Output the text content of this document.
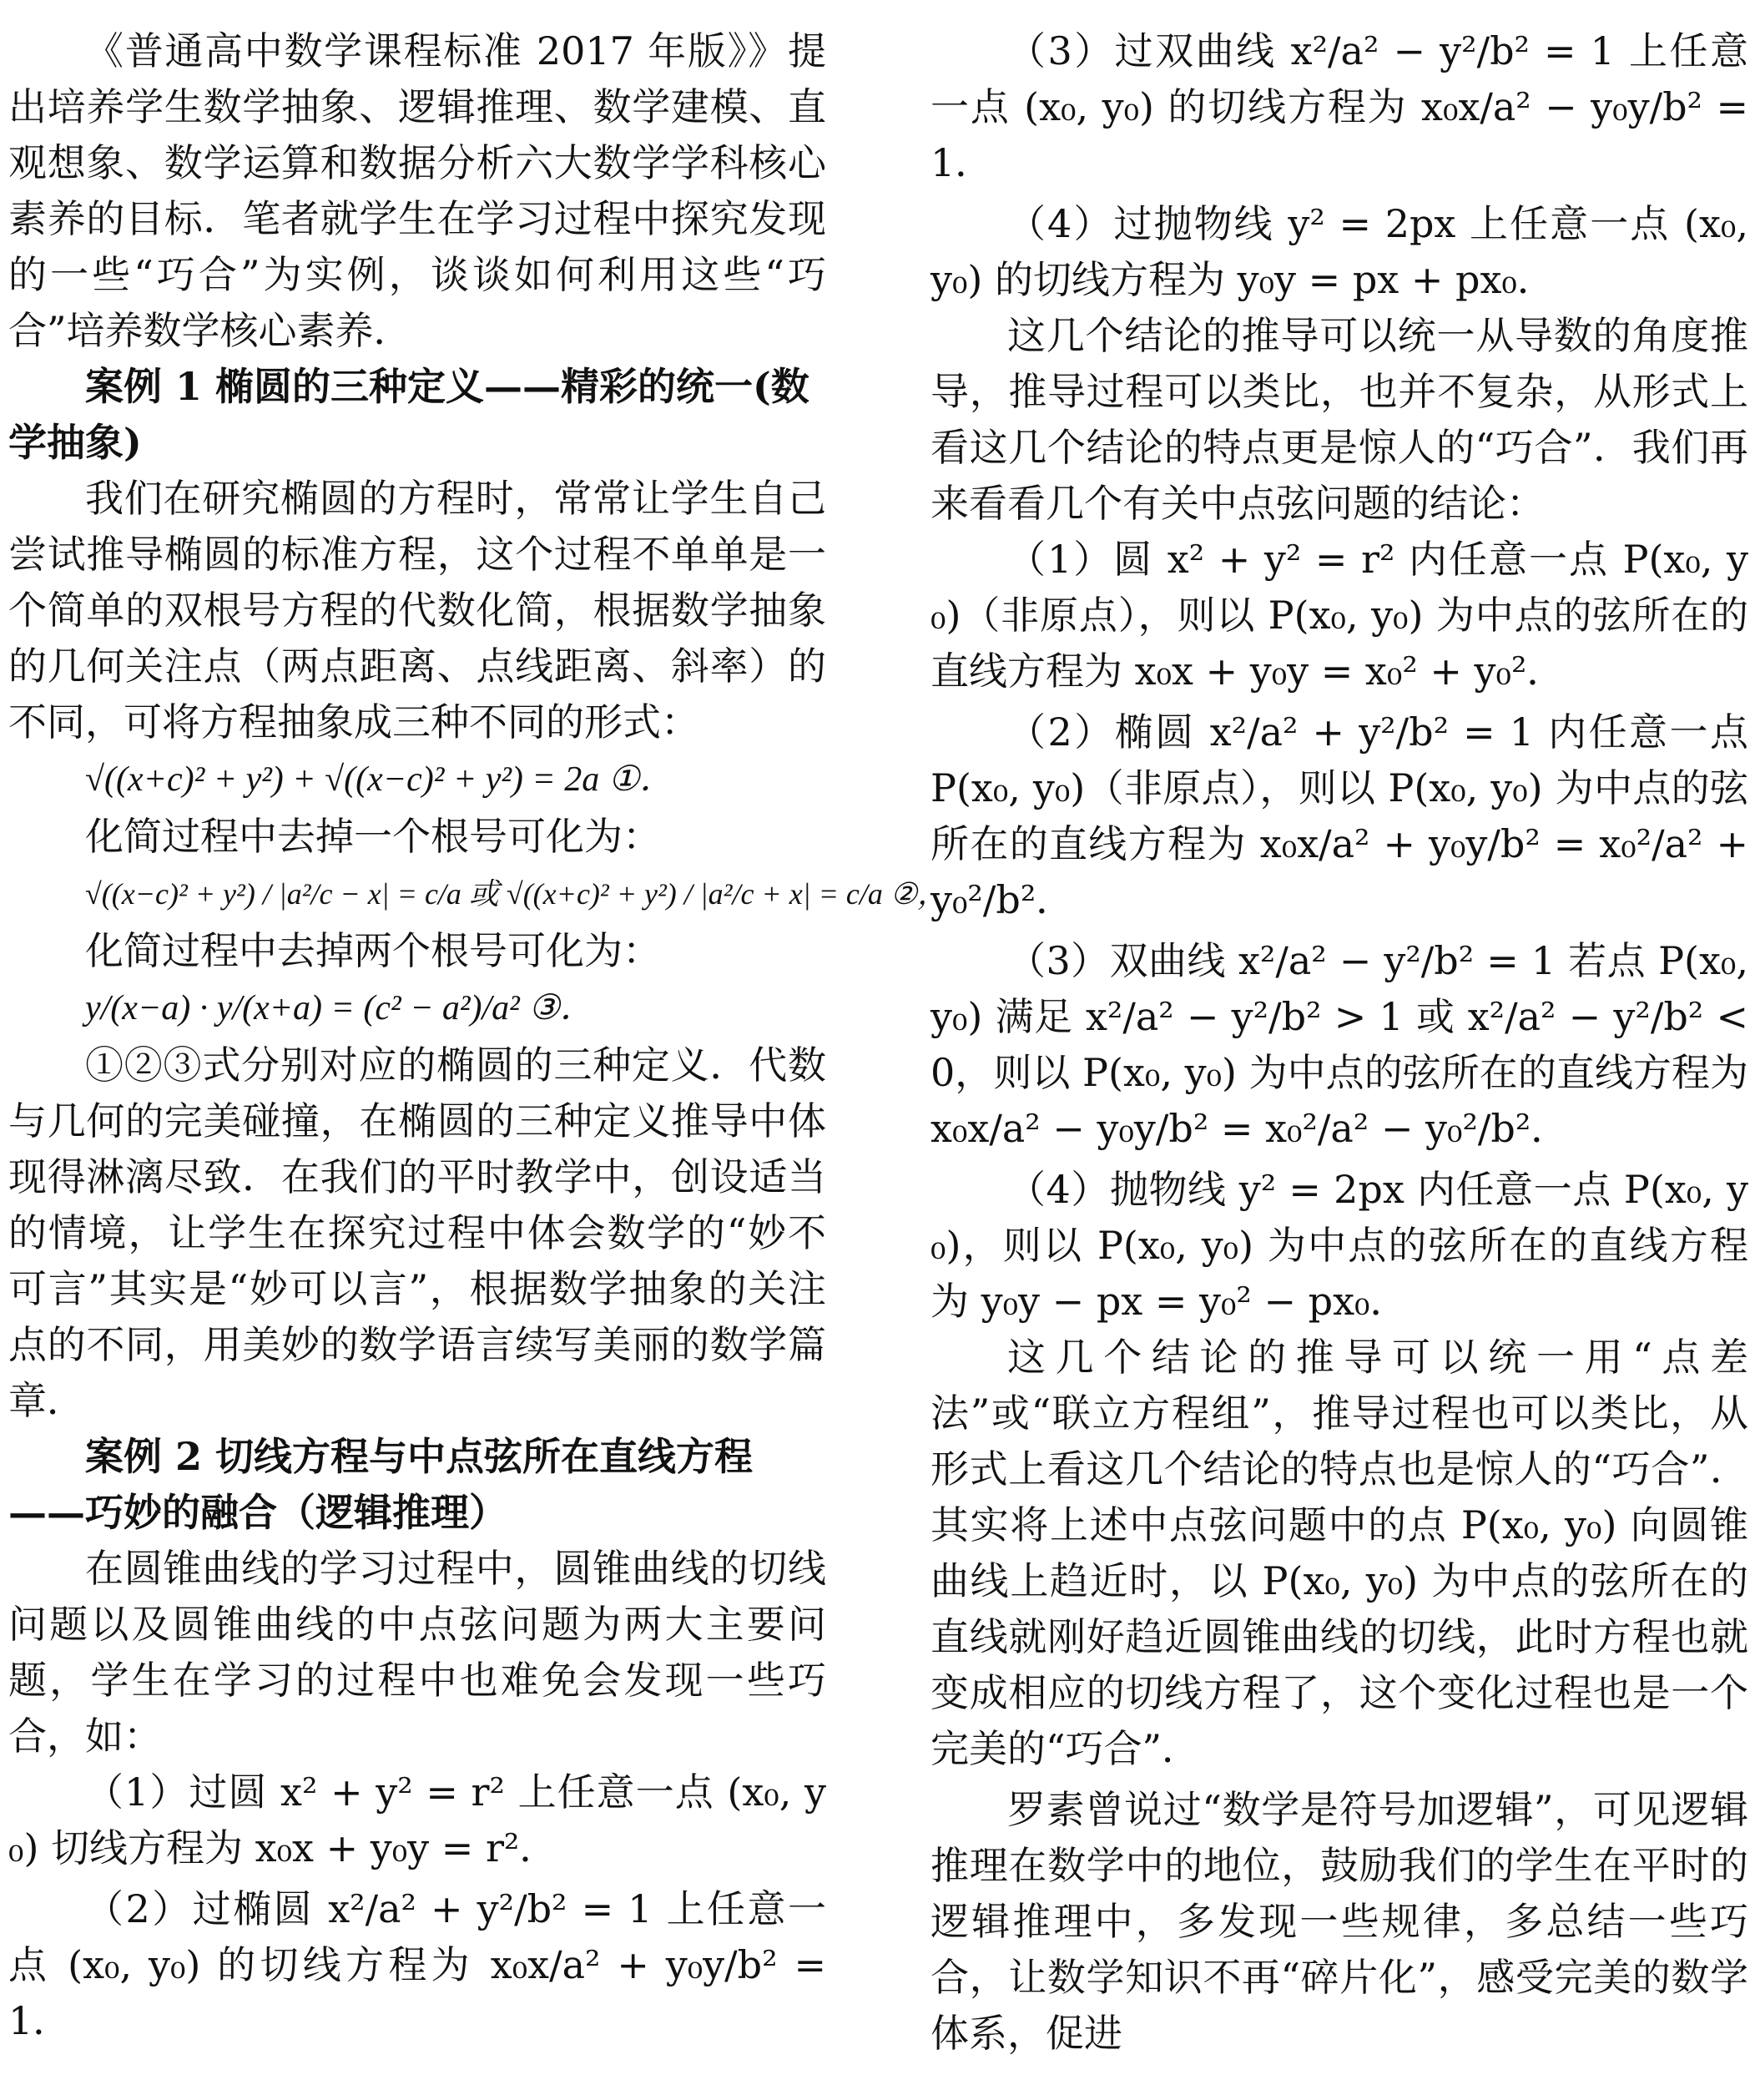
《普通高中数学课程标准 2017 年版》》提出培养学生数学抽象、逻辑推理、数学建模、直观想象、数学运算和数据分析六大数学学科核心素养的目标．笔者就学生在学习过程中探究发现的一些“巧合”为实例，谈谈如何利用这些“巧合”培养数学核心素养．

案例 1 椭圆的三种定义——精彩的统一(数学抽象)

我们在研究椭圆的方程时，常常让学生自己尝试推导椭圆的标准方程，这个过程不单单是一个简单的双根号方程的代数化简，根据数学抽象的几何关注点（两点距离、点线距离、斜率）的不同，可将方程抽象成三种不同的形式：

√((x+c)² + y²) + √((x−c)² + y²) = 2a ①．

化简过程中去掉一个根号可化为：

√((x−c)² + y²) / |a²/c − x| = c/a 或 √((x+c)² + y²) / |a²/c + x| = c/a ②，

化简过程中去掉两个根号可化为：

y/(x−a) · y/(x+a) = (c² − a²)/a² ③．

①②③式分别对应的椭圆的三种定义．代数与几何的完美碰撞，在椭圆的三种定义推导中体现得淋漓尽致．在我们的平时教学中，创设适当的情境，让学生在探究过程中体会数学的“妙不可言”其实是“妙可以言”，根据数学抽象的关注点的不同，用美妙的数学语言续写美丽的数学篇章．

案例 2 切线方程与中点弦所在直线方程——巧妙的融合（逻辑推理）

在圆锥曲线的学习过程中，圆锥曲线的切线问题以及圆锥曲线的中点弦问题为两大主要问题，学生在学习的过程中也难免会发现一些巧合，如：

（1）过圆 x² + y² = r² 上任意一点 (x₀, y₀) 切线方程为 x₀x + y₀y = r²．

（2）过椭圆 x²/a² + y²/b² = 1 上任意一点 (x₀, y₀) 的切线方程为 x₀x/a² + y₀y/b² = 1．

（3）过双曲线 x²/a² − y²/b² = 1 上任意一点 (x₀, y₀) 的切线方程为 x₀x/a² − y₀y/b² = 1．

（4）过抛物线 y² = 2px 上任意一点 (x₀, y₀) 的切线方程为 y₀y = px + px₀．

这几个结论的推导可以统一从导数的角度推导，推导过程可以类比，也并不复杂，从形式上看这几个结论的特点更是惊人的“巧合”．我们再来看看几个有关中点弦问题的结论：

（1）圆 x² + y² = r² 内任意一点 P(x₀, y₀)（非原点），则以 P(x₀, y₀) 为中点的弦所在的直线方程为 x₀x + y₀y = x₀² + y₀²．

（2）椭圆 x²/a² + y²/b² = 1 内任意一点 P(x₀, y₀)（非原点），则以 P(x₀, y₀) 为中点的弦所在的直线方程为 x₀x/a² + y₀y/b² = x₀²/a² + y₀²/b²．

（3）双曲线 x²/a² − y²/b² = 1 若点 P(x₀, y₀) 满足 x²/a² − y²/b² > 1 或 x²/a² − y²/b² < 0，则以 P(x₀, y₀) 为中点的弦所在的直线方程为 x₀x/a² − y₀y/b² = x₀²/a² − y₀²/b²．

（4）抛物线 y² = 2px 内任意一点 P(x₀, y₀)，则以 P(x₀, y₀) 为中点的弦所在的直线方程为 y₀y − px = y₀² − px₀．

这几个结论的推导可以统一用“点差法”或“联立方程组”，推导过程也可以类比，从形式上看这几个结论的特点也是惊人的“巧合”．其实将上述中点弦问题中的点 P(x₀, y₀) 向圆锥曲线上趋近时，以 P(x₀, y₀) 为中点的弦所在的直线就刚好趋近圆锥曲线的切线，此时方程也就变成相应的切线方程了，这个变化过程也是一个完美的“巧合”．

罗素曾说过“数学是符号加逻辑”，可见逻辑推理在数学中的地位，鼓励我们的学生在平时的逻辑推理中，多发现一些规律，多总结一些巧合，让数学知识不再“碎片化”，感受完美的数学体系，促进
